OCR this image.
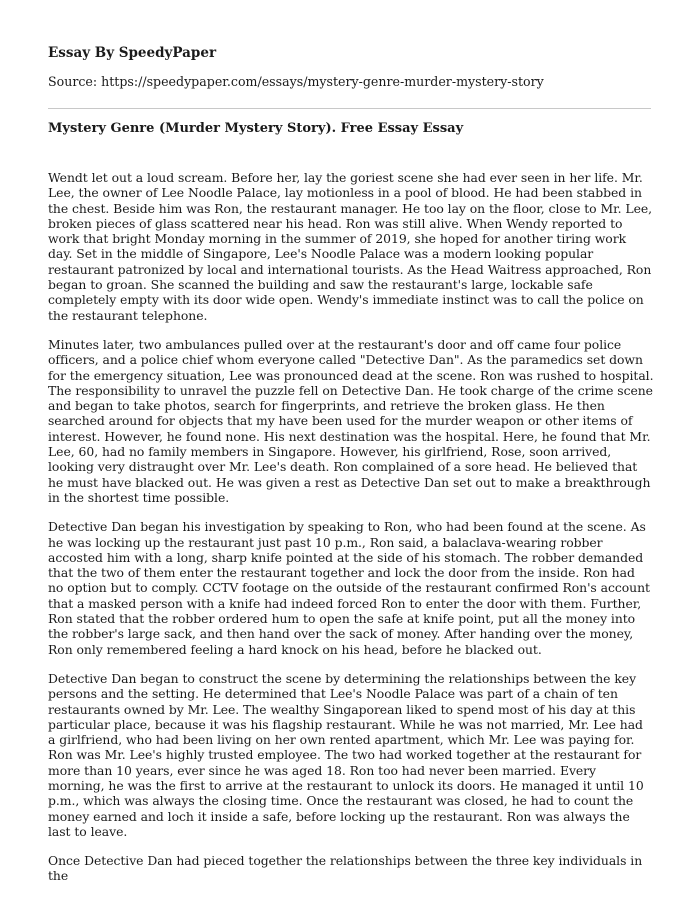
Essay By SpeedyPaper

Source: https://speedypaper.com/essays/mystery-genre-murder-mystery-story

Mystery Genre (Murder Mystery Story). Free Essay Essay

Wendt let out a loud scream. Before her, lay the goriest scene she had ever seen in her life. Mr. Lee, the owner of Lee Noodle Palace, lay motionless in a pool of blood. He had been stabbed in the chest. Beside him was Ron, the restaurant manager. He too lay on the floor, close to Mr. Lee, broken pieces of glass scattered near his head. Ron was still alive. When Wendy reported to work that bright Monday morning in the summer of 2019, she hoped for another tiring work day. Set in the middle of Singapore, Lee's Noodle Palace was a modern looking popular restaurant patronized by local and international tourists. As the Head Waitress approached, Ron began to groan. She scanned the building and saw the restaurant's large, lockable safe completely empty with its door wide open. Wendy's immediate instinct was to call the police on the restaurant telephone.

Minutes later, two ambulances pulled over at the restaurant's door and off came four police officers, and a police chief whom everyone called "Detective Dan". As the paramedics set down for the emergency situation, Lee was pronounced dead at the scene. Ron was rushed to hospital. The responsibility to unravel the puzzle fell on Detective Dan. He took charge of the crime scene and began to take photos, search for fingerprints, and retrieve the broken glass. He then searched around for objects that my have been used for the murder weapon or other items of interest. However, he found none. His next destination was the hospital. Here, he found that Mr. Lee, 60, had no family members in Singapore. However, his girlfriend, Rose, soon arrived, looking very distraught over Mr. Lee's death. Ron complained of a sore head. He believed that he must have blacked out. He was given a rest as Detective Dan set out to make a breakthrough in the shortest time possible.

Detective Dan began his investigation by speaking to Ron, who had been found at the scene. As he was locking up the restaurant just past 10 p.m., Ron said, a balaclava-wearing robber accosted him with a long, sharp knife pointed at the side of his stomach. The robber demanded that the two of them enter the restaurant together and lock the door from the inside. Ron had no option but to comply. CCTV footage on the outside of the restaurant confirmed Ron's account that a masked person with a knife had indeed forced Ron to enter the door with them. Further, Ron stated that the robber ordered hum to open the safe at knife point, put all the money into the robber's large sack, and then hand over the sack of money. After handing over the money, Ron only remembered feeling a hard knock on his head, before he blacked out.

Detective Dan began to construct the scene by determining the relationships between the key persons and the setting. He determined that Lee's Noodle Palace was part of a chain of ten restaurants owned by Mr. Lee. The wealthy Singaporean liked to spend most of his day at this particular place, because it was his flagship restaurant. While he was not married, Mr. Lee had a girlfriend, who had been living on her own rented apartment, which Mr. Lee was paying for. Ron was Mr. Lee's highly trusted employee. The two had worked together at the restaurant for more than 10 years, ever since he was aged 18. Ron too had never been married. Every morning, he was the first to arrive at the restaurant to unlock its doors. He managed it until 10 p.m., which was always the closing time. Once the restaurant was closed, he had to count the money earned and loch it inside a safe, before locking up the restaurant. Ron was always the last to leave.

Once Detective Dan had pieced together the relationships between the three key individuals in the
